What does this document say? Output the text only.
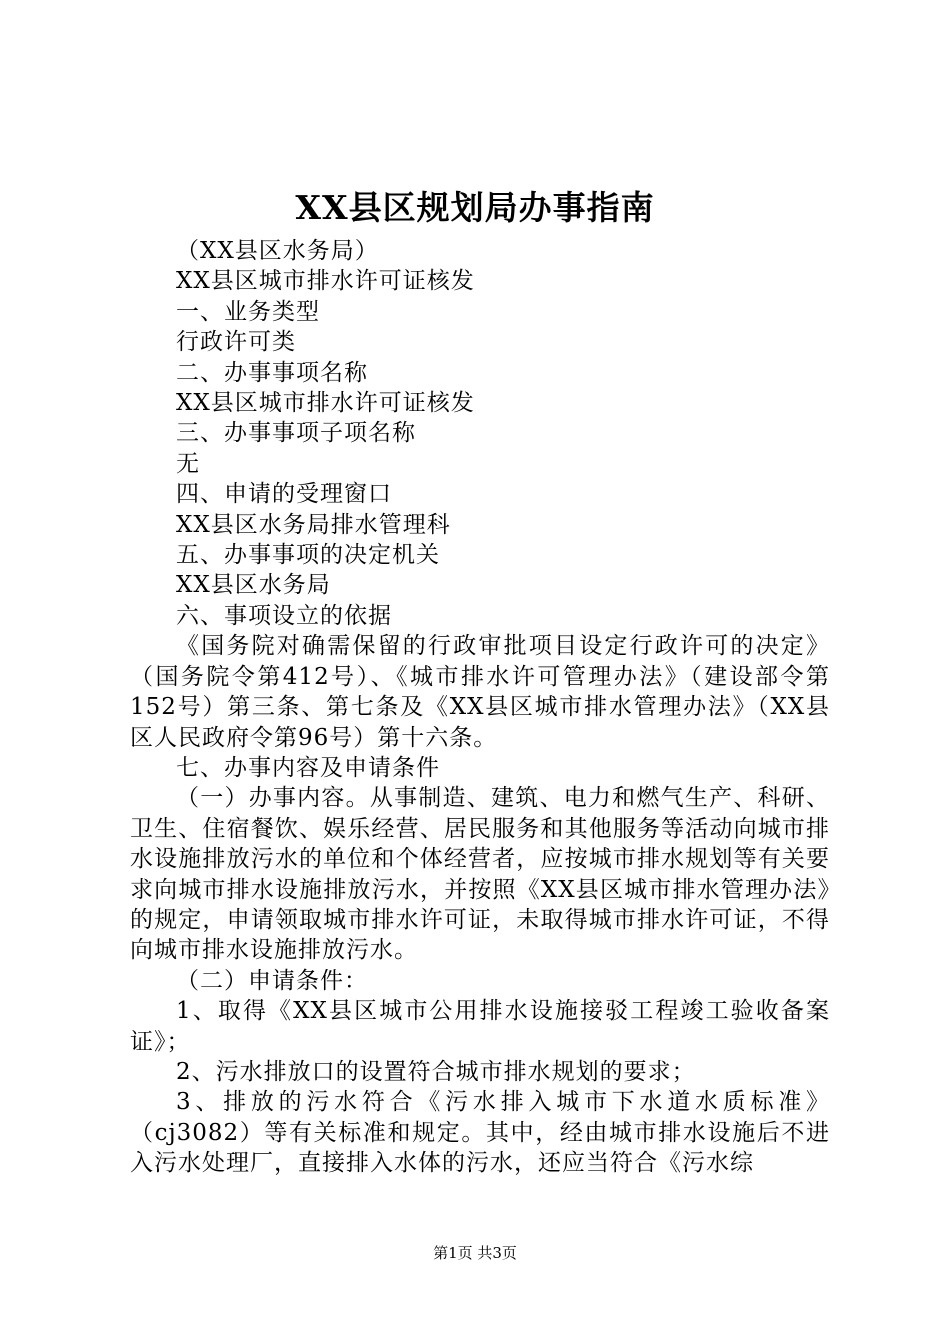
XX县区规划局办事指南

（XX县区水务局）

XX县区城市排水许可证核发

一、业务类型

行政许可类

二、办事事项名称

XX县区城市排水许可证核发

三、办事事项子项名称

无

四、申请的受理窗口

XX县区水务局排水管理科

五、办事事项的决定机关

XX县区水务局

六、事项设立的依据

《国务院对确需保留的行政审批项目设定行政许可的决定》（国务院令第412号）、《城市排水许可管理办法》（建设部令第152号）第三条、第七条及《XX县区城市排水管理办法》（XX县区人民政府令第96号）第十六条。

七、办事内容及申请条件

（一）办事内容。从事制造、建筑、电力和燃气生产、科研、卫生、住宿餐饮、娱乐经营、居民服务和其他服务等活动向城市排水设施排放污水的单位和个体经营者，应按城市排水规划等有关要求向城市排水设施排放污水，并按照《XX县区城市排水管理办法》的规定，申请领取城市排水许可证，未取得城市排水许可证，不得向城市排水设施排放污水。

（二）申请条件：

1、取得《XX县区城市公用排水设施接驳工程竣工验收备案证》；

2、污水排放口的设置符合城市排水规划的要求；

3、排放的污水符合《污水排入城市下水道水质标准》（cj3082）等有关标准和规定。其中，经由城市排水设施后不进入污水处理厂，直接排入水体的污水，还应当符合《污水综

第1页 共3页
